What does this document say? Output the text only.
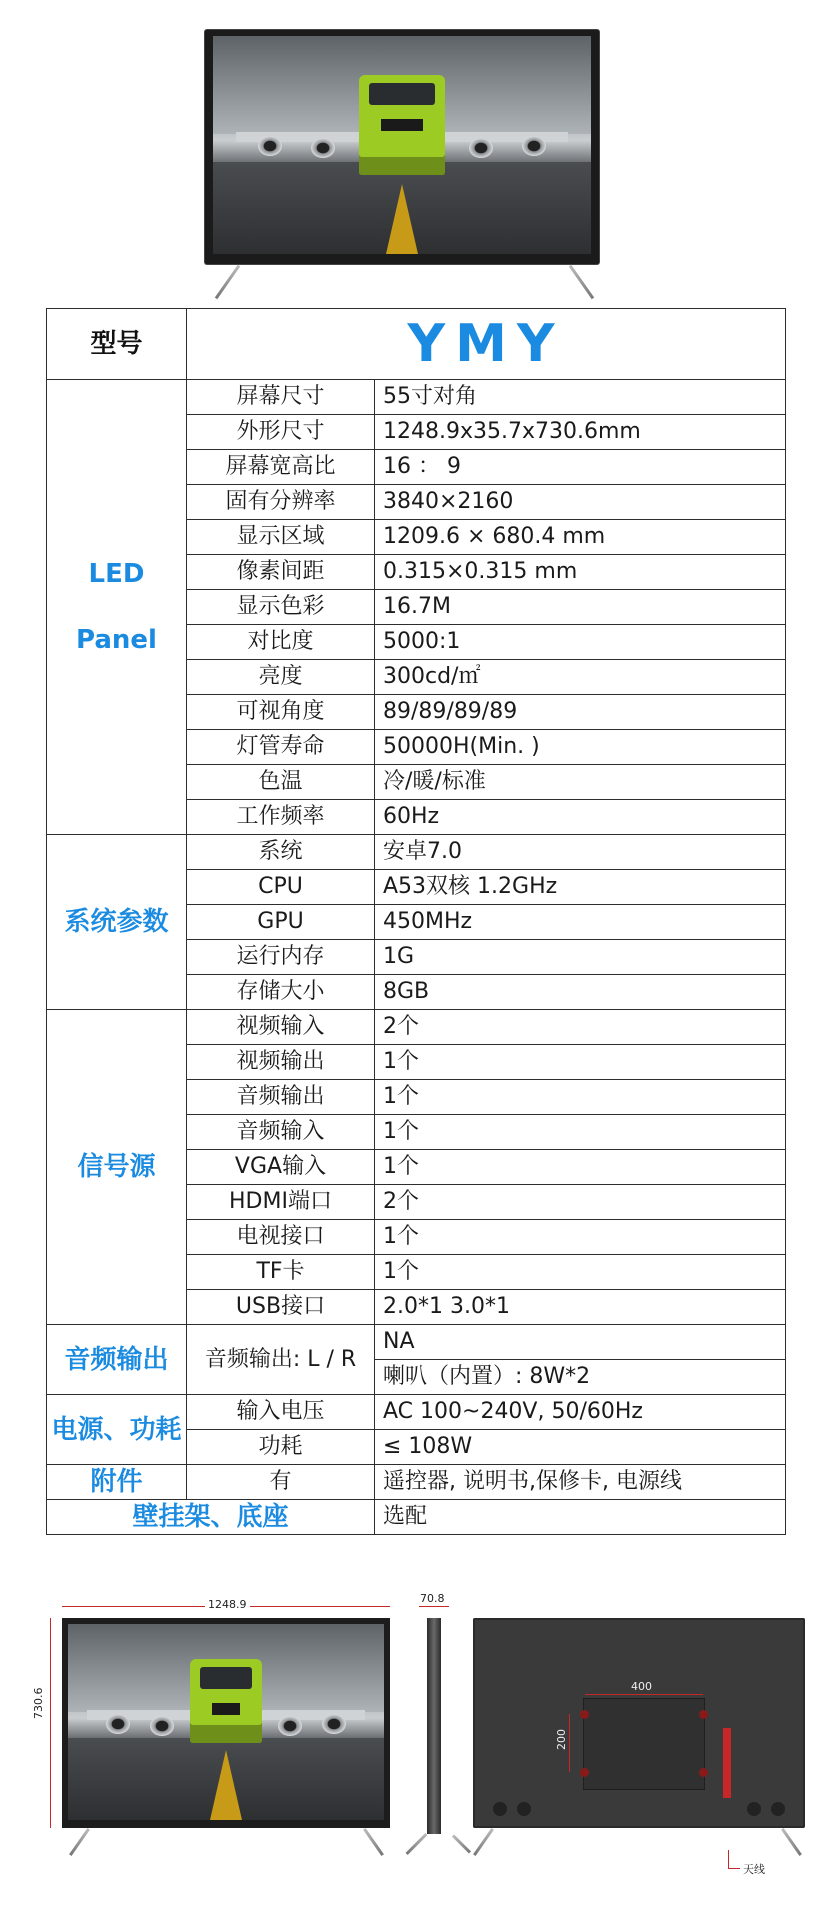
型号	YMY	

LED
Panel	屏幕尺寸	55寸对角
	外形尺寸	1248.9x35.7x730.6mm
	屏幕宽高比	16 ： 9
	固有分辨率	3840×2160
	显示区域	1209.6 × 680.4 mm
	像素间距	0.315×0.315 mm
	显示色彩	16.7M
	对比度	5000:1
	亮度	300cd/㎡
	可视角度	89/89/89/89
	灯管寿命	50000H(Min. )
	色温	冷/暖/标准
	工作频率	60Hz
系统参数	系统	安卓7.0
	CPU	A53双核 1.2GHz
	GPU	450MHz
	运行内存	1G
	存储大小	8GB
信号源	视频输入	2个
	视频输出	1个
	音频输出	1个
	音频输入	1个
	VGA输入	1个
	HDMI端口	2个
	电视接口	1个
	TF卡	1个
	USB接口	2.0*1 3.0*1
音频输出	音频输出: L / R	NA
		喇叭（内置）: 8W*2
电源、功耗	输入电压	AC 100~240V, 50/60Hz
	功耗	≤ 108W
附件	有	遥控器, 说明书,保修卡, 电源线
壁挂架、底座		选配
1248.9
730.6
70.8
400
200
天线
